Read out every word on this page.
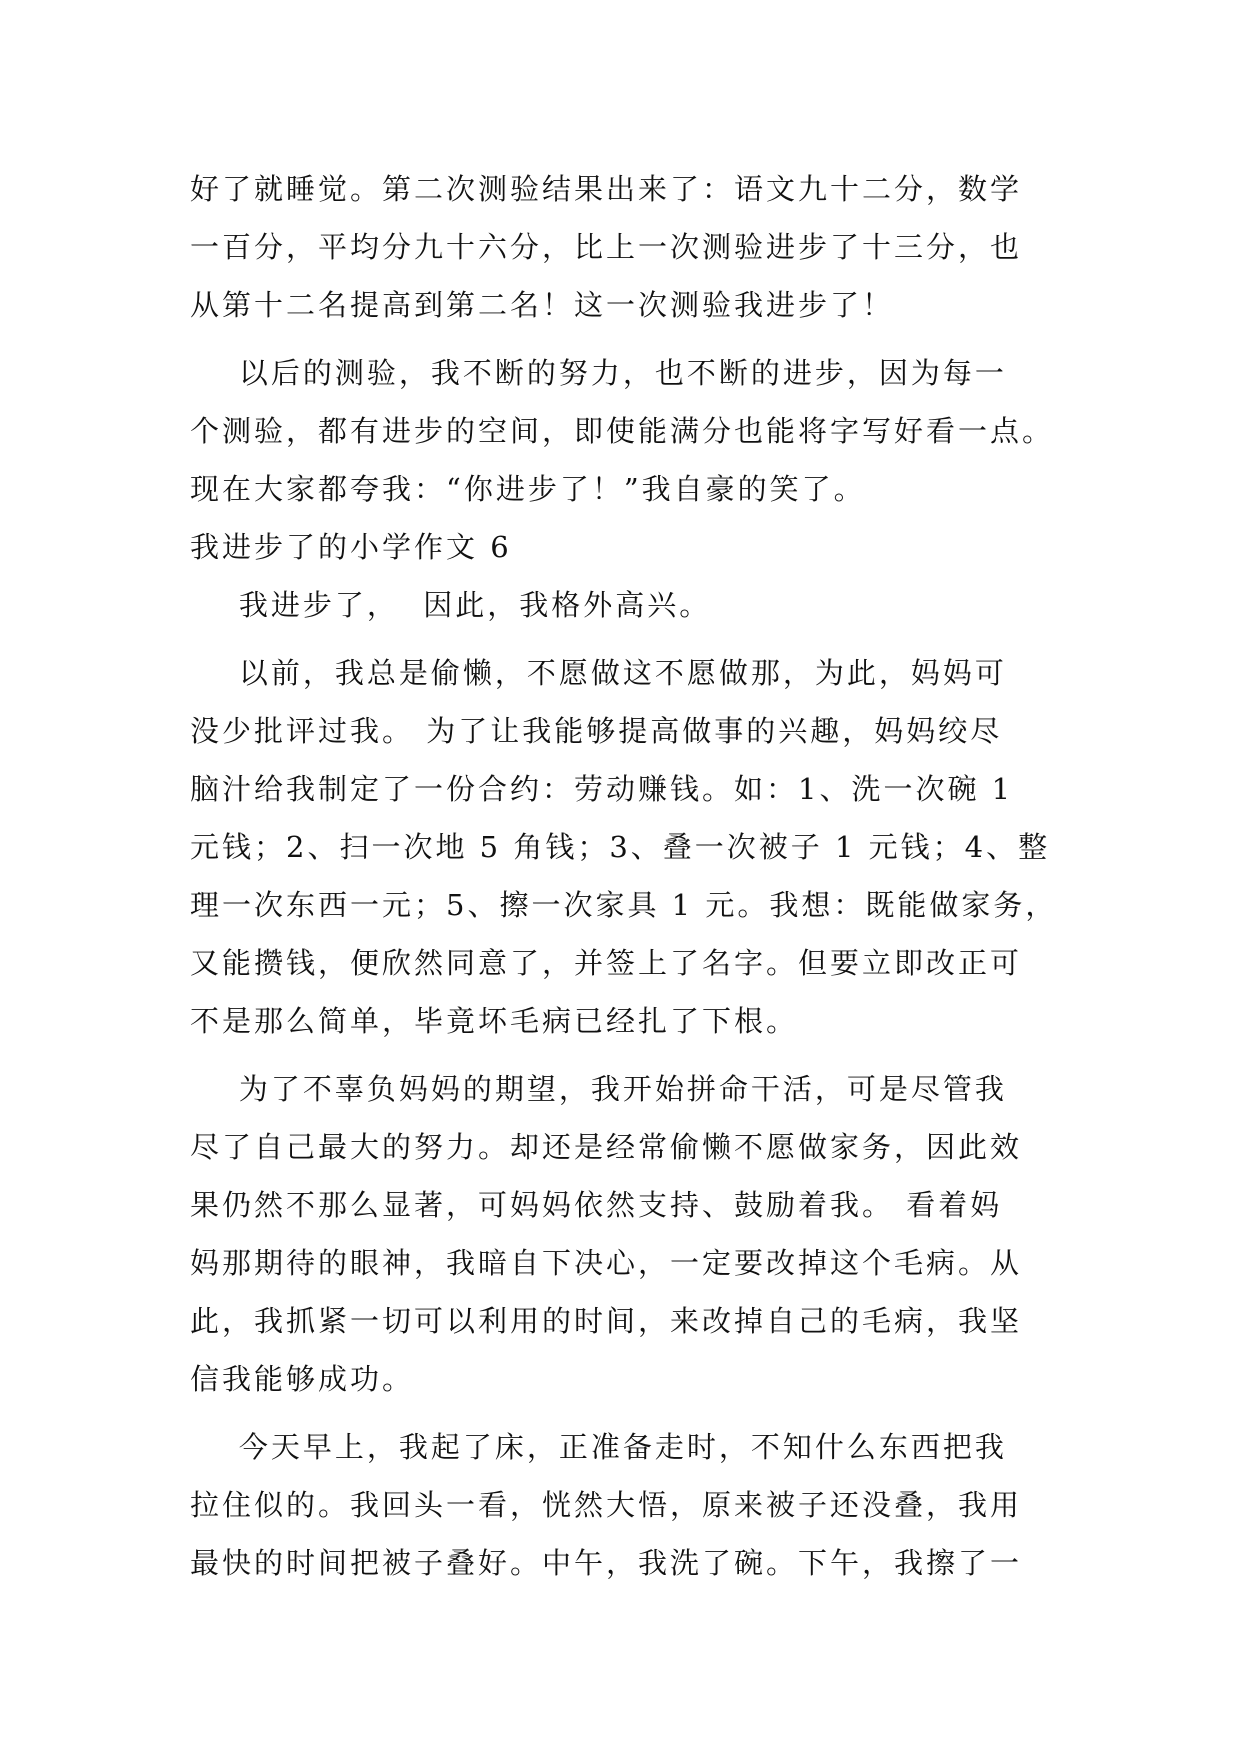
好了就睡觉。第二次测验结果出来了：语文九十二分，数学
一百分，平均分九十六分，比上一次测验进步了十三分，也
从第十二名提高到第二名！这一次测验我进步了！
以后的测验，我不断的努力，也不断的进步，因为每一
个测验，都有进步的空间，即使能满分也能将字写好看一点。
现在大家都夸我：“你进步了！”我自豪的笑了。
我进步了的小学作文 6
我进步了，  因此，我格外高兴。
以前，我总是偷懒，不愿做这不愿做那，为此，妈妈可
没少批评过我。 为了让我能够提高做事的兴趣，妈妈绞尽
脑汁给我制定了一份合约：劳动赚钱。如：1、洗一次碗 1
元钱；2、扫一次地 5 角钱；3、叠一次被子 1 元钱；4、整
理一次东西一元；5、擦一次家具 1 元。我想：既能做家务，
又能攒钱，便欣然同意了，并签上了名字。但要立即改正可
不是那么简单，毕竟坏毛病已经扎了下根。
为了不辜负妈妈的期望，我开始拼命干活，可是尽管我
尽了自己最大的努力。却还是经常偷懒不愿做家务，因此效
果仍然不那么显著，可妈妈依然支持、鼓励着我。 看着妈
妈那期待的眼神，我暗自下决心，一定要改掉这个毛病。从
此，我抓紧一切可以利用的时间，来改掉自己的毛病，我坚
信我能够成功。
今天早上，我起了床，正准备走时，不知什么东西把我
拉住似的。我回头一看，恍然大悟，原来被子还没叠，我用
最快的时间把被子叠好。中午，我洗了碗。下午，我擦了一
